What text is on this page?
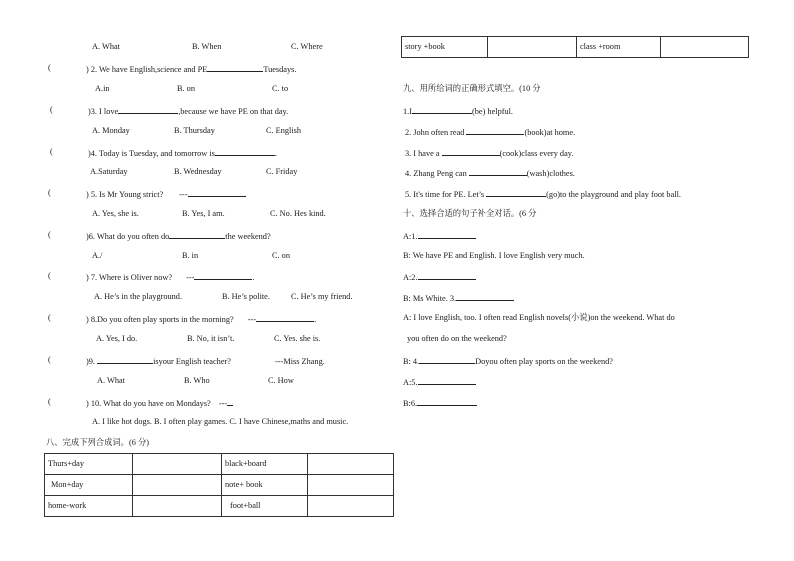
A. What	B. When	C. Where
(	) 2. We have English,science and PE	Tuesdays.
A.in	B. on	C. to
(	)3. I love	,because we have PE on that day.
A. Monday	B. Thursday	C. English
(	)4. Today is Tuesday, and tomorrow is	.
A.Saturday	B. Wednesday	C. Friday
(	) 5. Is Mr Young strict? ---
A. Yes, she is.	B. Yes, I am.	C. No. Hes kind.
(	)6. What do you often do	the weekend?
A./	B. in	C. on
(	) 7. Where is Oliver now? ---	.
A. He’s in the playground.	B. He’s polite.	C. He’s my friend.
(	) 8.Do you often play sports in the morning? ---	.
A. Yes, I do.	B. No, it isn’t.	C. Yes. she is.
(	)9.	isyour English teacher?	---Miss Zhang.
A. What	B. Who	C. How
(	) 10. What do you have on Mondays? ---
A. I like hot dogs. B. I often play games. C. I have Chinese,maths and music.
八、完成下列合成词。(6 分)
Thurs+day		black+board	
Mon+day		note+ book	
home-work		foot+ball	
story +book		class +room	
九、用所给词的正确形式填空。(10 分
1.I	(be) helpful.
2. John often read	(book)at home.
3. I have a	(cook)class every day.
4. Zhang Peng can	(wash)clothes.
5. It's time for PE. Let’s	(go)to the playground and play foot ball.
十、选择合适的句子补全对话。(6 分
A:1.
B: We have PE and English. I love English very much.
A:2.
B: Ms White. 3.
A: I love English, too. I often read English novels(小说)on the weekend. What do
you often do on the weekend?
B: 4.	Doyou often play sports on the weekend?
A:5.
B:6.
